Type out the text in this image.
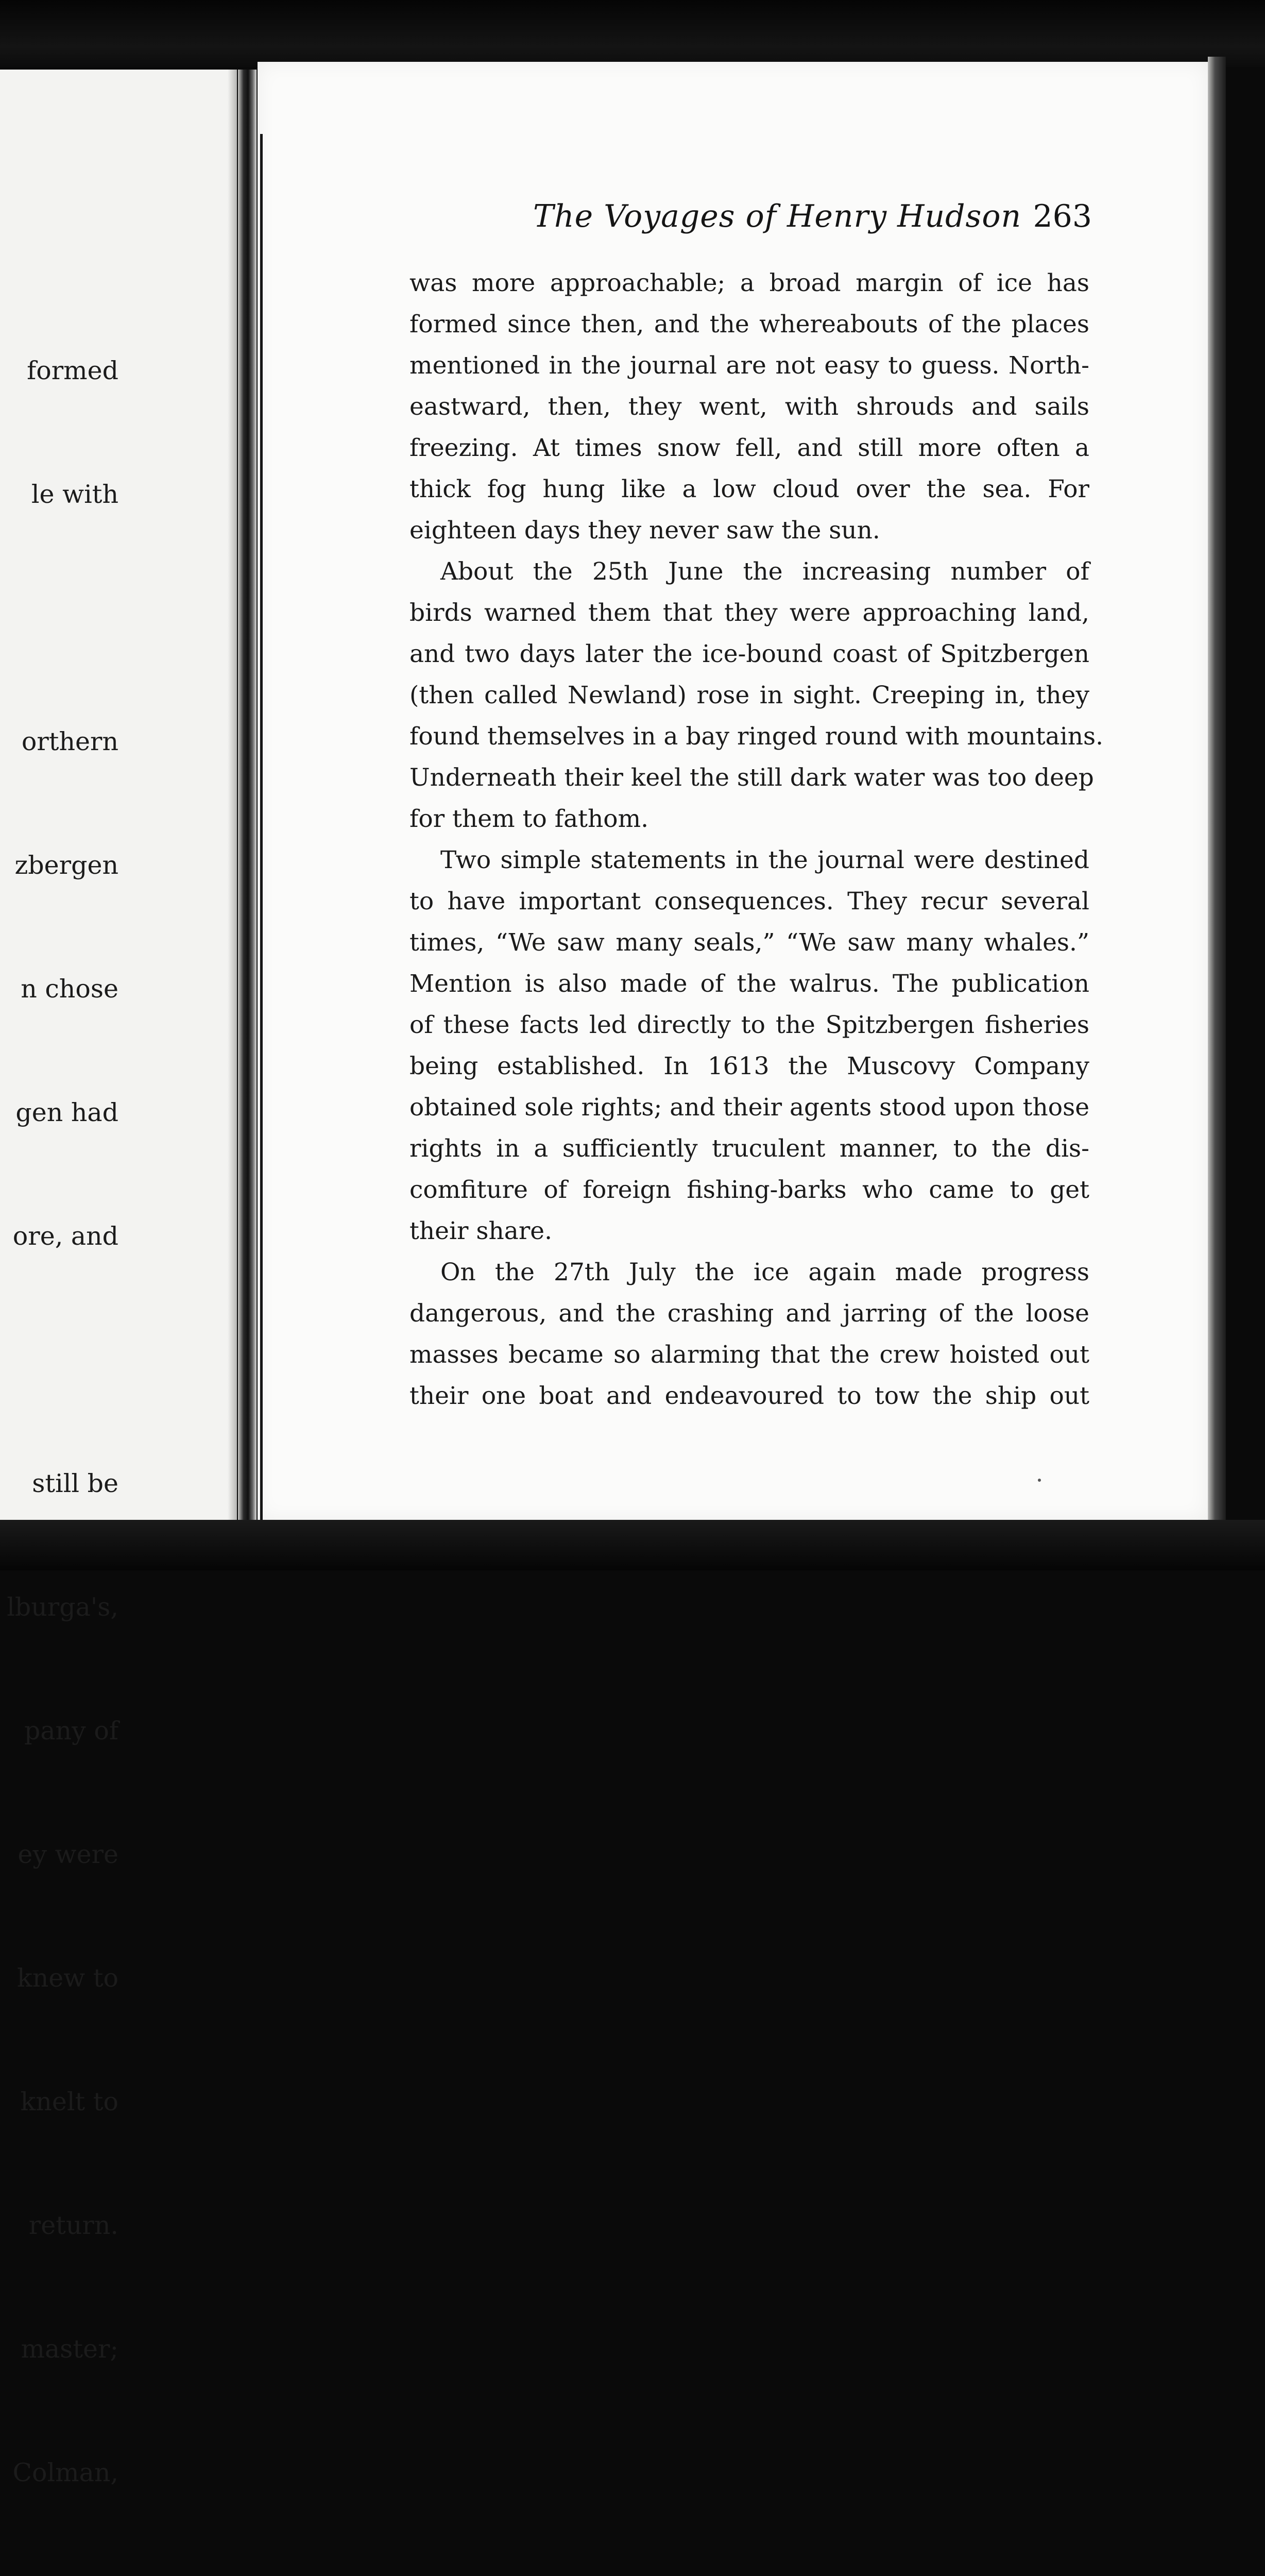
formed

le with

orthern

zbergen

n chose

gen had

ore, and

still be

lburga's,

pany of

ey were

knew to

knelt to

return.

master;

Colman,

The Voyages of Henry Hudson 263
was more approachable; a broad margin of ice has
formed since then, and the whereabouts of the places
mentioned in the journal are not easy to guess. North-
eastward, then, they went, with shrouds and sails
freezing. At times snow fell, and still more often a
thick fog hung like a low cloud over the sea. For
eighteen days they never saw the sun.
About the 25th June the increasing number of
birds warned them that they were approaching land,
and two days later the ice-bound coast of Spitzbergen
(then called Newland) rose in sight. Creeping in, they
found themselves in a bay ringed round with mountains.
Underneath their keel the still dark water was too deep
for them to fathom.
Two simple statements in the journal were destined
to have important consequences. They recur several
times, “We saw many seals,” “We saw many whales.”
Mention is also made of the walrus. The publication
of these facts led directly to the Spitzbergen fisheries
being established. In 1613 the Muscovy Company
obtained sole rights; and their agents stood upon those
rights in a sufficiently truculent manner, to the dis-
comfiture of foreign fishing-barks who came to get
their share.
On the 27th July the ice again made progress
dangerous, and the crashing and jarring of the loose
masses became so alarming that the crew hoisted out
their one boat and endeavoured to tow the ship out
